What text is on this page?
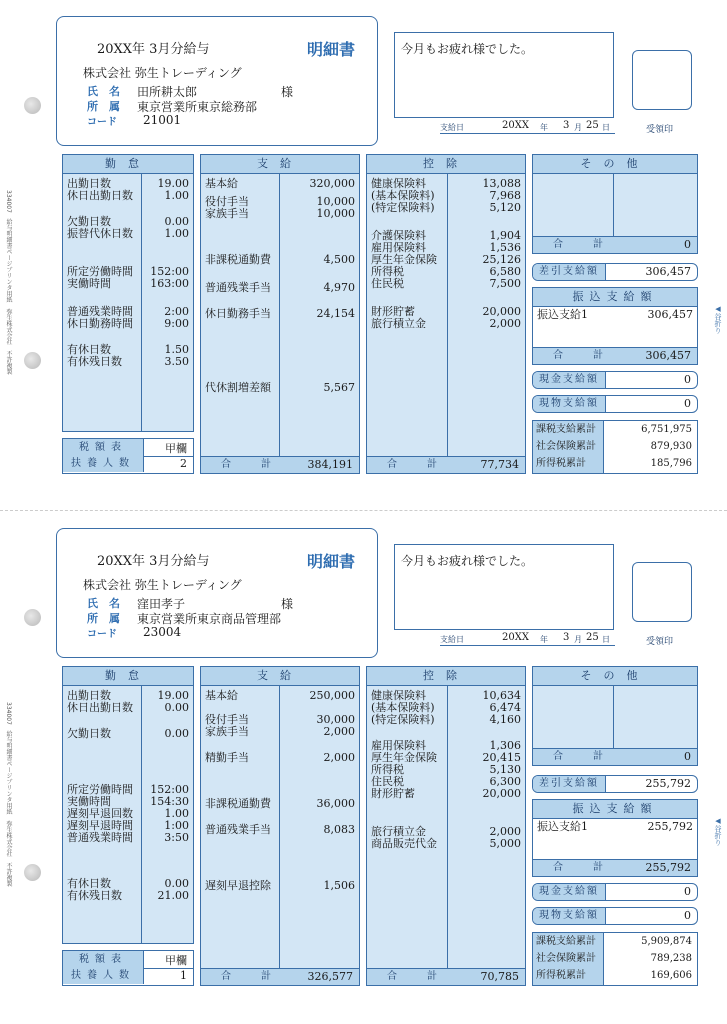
334007　給与明細書ページプリンタ用紙　弥生株式会社　不許複製	◀谷折り
20XX年 3月分給与	明細書
株式会社 弥生トレーディング
氏　名 田所耕太郎	様
所　属 東京営業所東京総務部
コード 21001
今月もお疲れ様でした。
支給日	20XX 年 3 月 25 日	受領印
勤怠
出勤日数	19.00
休日出勤日数	1.00
欠勤日数	0.00
振替代休日数	1.00
所定労働時間 152:00
実働時間	163:00
普通残業時間	2:00
休日勤務時間	9:00
有休日数	1.50
有休残日数	3.50
税額表	甲欄
扶養人数	2
支給
基本給	320,000
役付手当	10,000
家族手当	10,000
非課税通勤費	4,500
普通残業手当	4,970
休日勤務手当	24,154
代休割増差額	5,567
合計 384,191
控除
健康保険料	13,088
(基本保険料)	7,968
(特定保険料)	5,120
介護保険料	1,904
雇用保険料	1,536
厚生年金保険	25,126
所得税	6,580
住民税	7,500
財形貯蓄	20,000
旅行積立金	2,000
合計 77,734
その他
合計	0
差引支給額	306,457
振込支給額
振込支給1	306,457
合計 306,457
現金支給額	0
現物支給額	0
課税支給累計	6,751,975
社会保険累計	879,930
所得税累計	185,796
334007　給与明細書ページプリンタ用紙　弥生株式会社　不許複製	◀谷折り
20XX年 3月分給与	明細書
株式会社 弥生トレーディング
氏　名 窪田孝子	様
所　属 東京営業所東京商品管理部
コード 23004
今月もお疲れ様でした。
支給日	20XX 年 3 月 25 日	受領印
勤怠
出勤日数	19.00
休日出勤日数	0.00
欠勤日数	0.00
所定労働時間 152:00
実働時間	154:30
遅刻早退回数	1.00
遅刻早退時間	1:00
普通残業時間	3:50
有休日数	0.00
有休残日数	21.00
税額表	甲欄
扶養人数	1
支給
基本給	250,000
役付手当	30,000
家族手当	2,000
精勤手当	2,000
非課税通勤費	36,000
普通残業手当	8,083
遅刻早退控除	1,506
合計 326,577
控除
健康保険料	10,634
(基本保険料)	6,474
(特定保険料)	4,160
雇用保険料	1,306
厚生年金保険	20,415
所得税	5,130
住民税	6,300
財形貯蓄	20,000
旅行積立金	2,000
商品販売代金	5,000
合計 70,785
その他
合計	0
差引支給額	255,792
振込支給額
振込支給1	255,792
合計 255,792
現金支給額	0
現物支給額	0
課税支給累計	5,909,874
社会保険累計	789,238
所得税累計	169,606
